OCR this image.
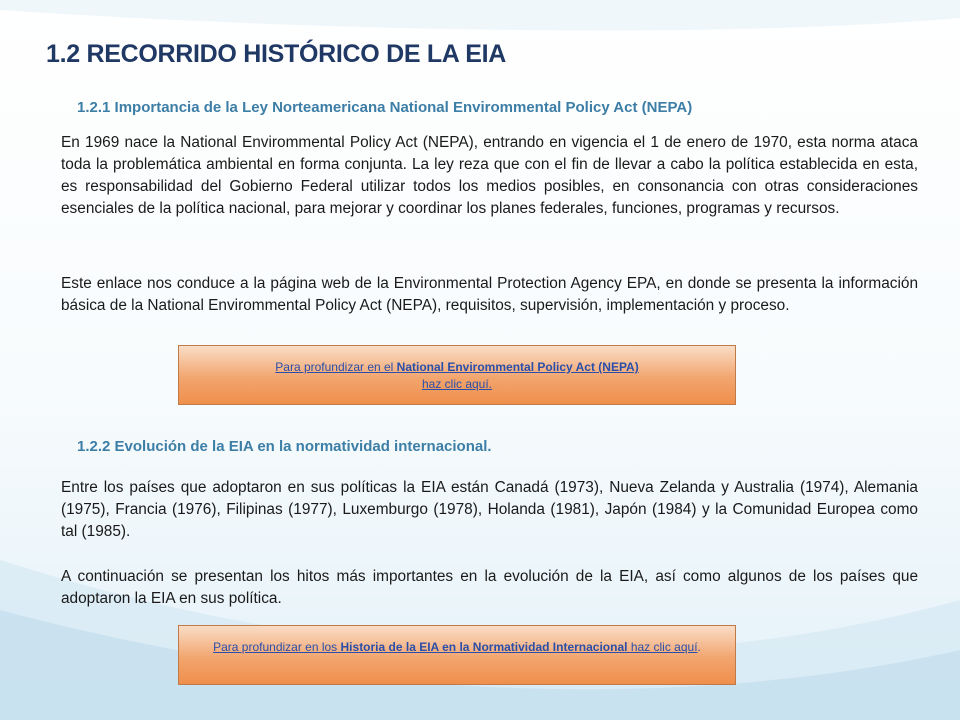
1.2 RECORRIDO HISTÓRICO DE LA EIA
1.2.1 Importancia de la Ley Norteamericana National Envirommental Policy Act (NEPA)
En 1969 nace la National Envirommental Policy Act (NEPA), entrando en vigencia el 1 de enero de 1970, esta norma ataca toda la problemática ambiental en forma conjunta. La ley reza que con el fin de llevar a cabo la política establecida en esta, es responsabilidad del Gobierno Federal utilizar todos los medios posibles, en consonancia con otras consideraciones esenciales de la política nacional, para mejorar y coordinar los planes federales, funciones, programas y recursos.
Este enlace nos conduce a la página web de la Environmental Protection Agency EPA, en donde se presenta la información básica de la National Envirommental Policy Act (NEPA), requisitos, supervisión, implementación y proceso.
Para profundizar en el National Envirommental Policy Act (NEPA)
haz clic aquí.
1.2.2 Evolución de la EIA en la normatividad internacional.
Entre los países que adoptaron en sus políticas la EIA están Canadá (1973), Nueva Zelanda y Australia (1974), Alemania (1975), Francia (1976), Filipinas (1977), Luxemburgo (1978), Holanda (1981), Japón (1984) y la Comunidad Europea como tal (1985).
A continuación se presentan los hitos más importantes en la evolución de la EIA, así como algunos de los países que adoptaron la EIA en sus política.
Para profundizar en los Historia de la EIA en la Normatividad Internacional haz clic aquí.
